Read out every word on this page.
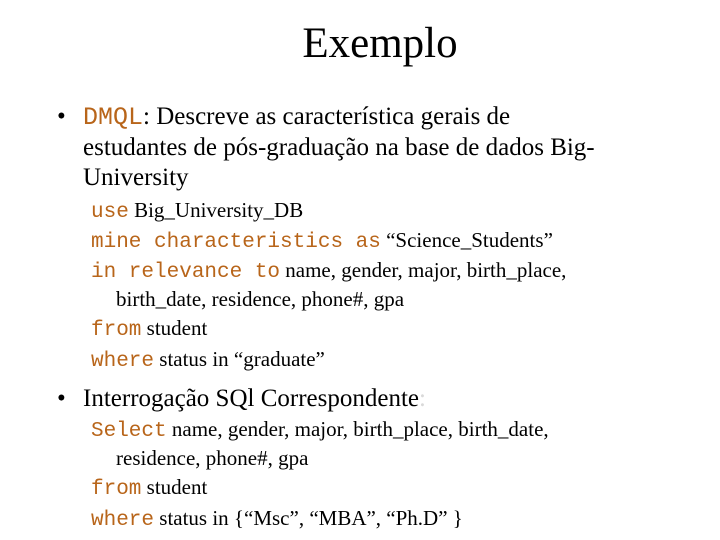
Exemplo
• DMQL: Descreve as característica gerais de
estudantes de pós-graduação na base de dados Big-
University
use Big_University_DB
mine characteristics as “Science_Students”
in relevance to name, gender, major, birth_place,
birth_date, residence, phone#, gpa
from student
where status in “graduate”
• Interrogação SQl Correspondente:
Select name, gender, major, birth_place, birth_date,
residence, phone#, gpa
from student
where status in {“Msc”, “MBA”, “Ph.D” }
